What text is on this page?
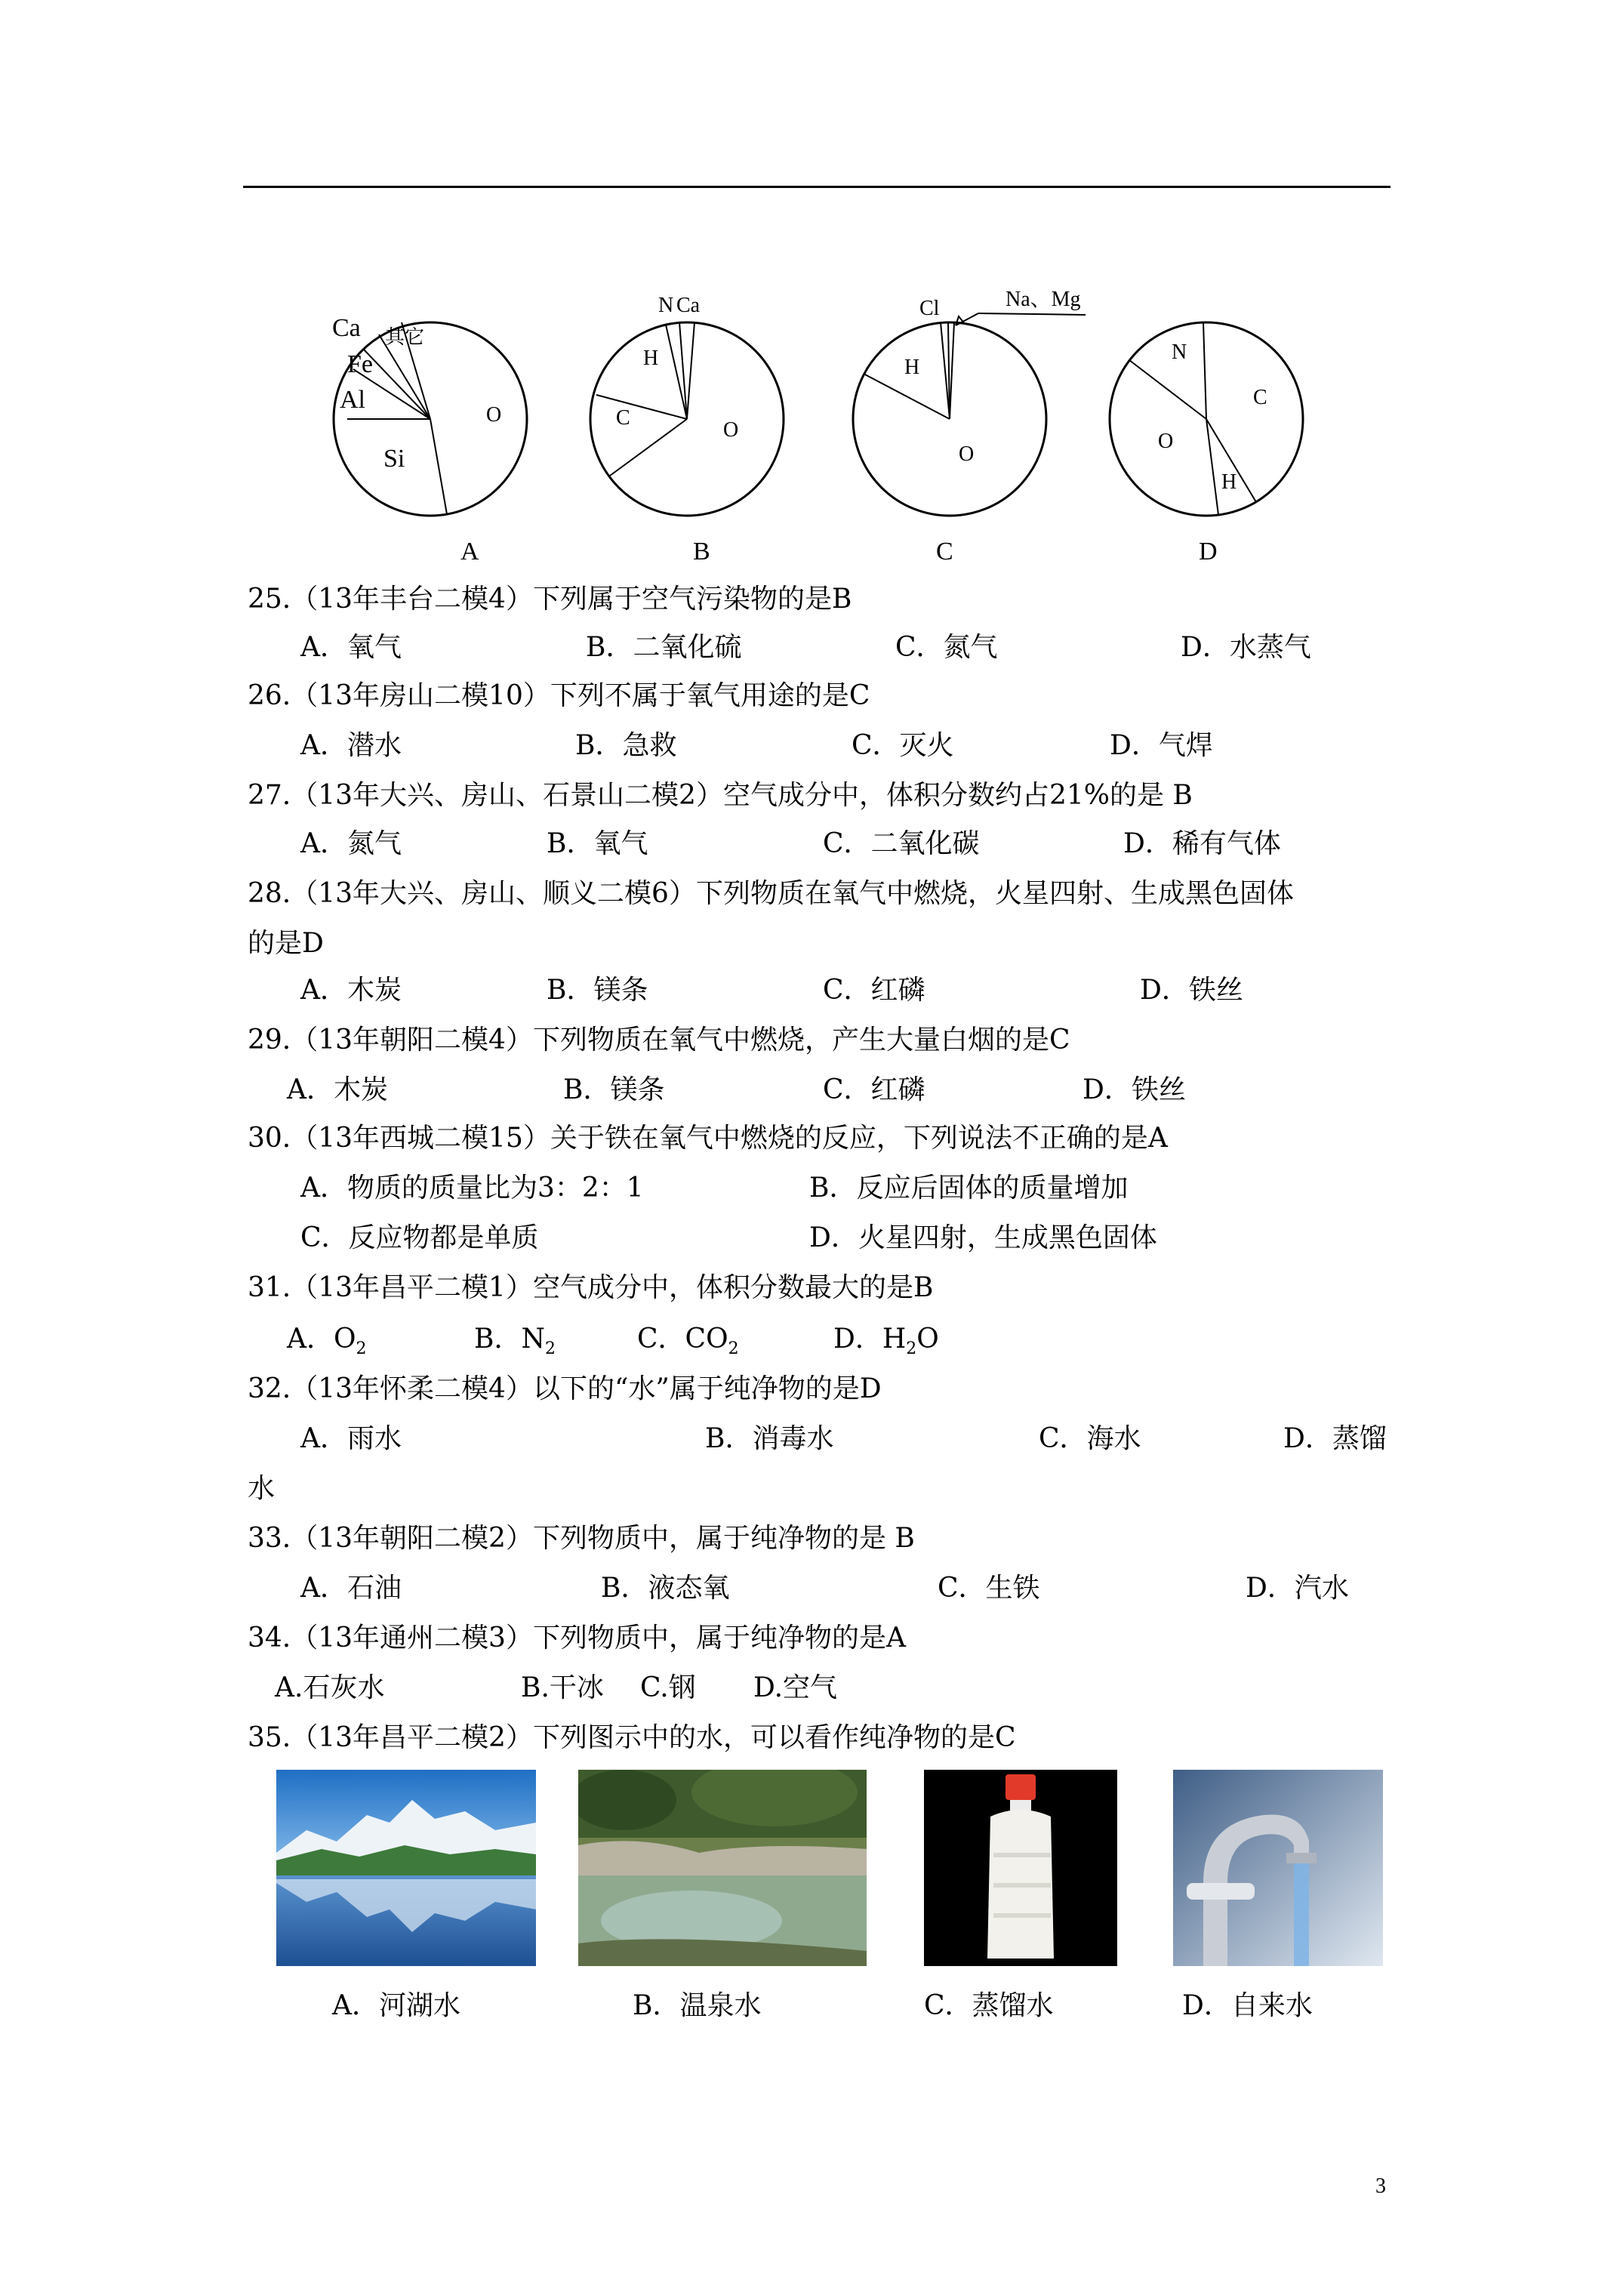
Ca
Fe
Al
其它
O
Si
N Ca
H
C
O
Cl	Na、Mg
H
O
N
C
O
H
A	B	C	D
25.（13年丰台二模4）下列属于空气污染物的是B
A．氧气	B．二氧化硫	C．氮气	D．水蒸气
26.（13年房山二模10）下列不属于氧气用途的是C
A．潜水	B．急救	C．灭火	D．气焊
27.（13年大兴、房山、石景山二模2）空气成分中，体积分数约占21%的是 B
A．氮气	B．氧气	C．二氧化碳	D．稀有气体
28.（13年大兴、房山、顺义二模6）下列物质在氧气中燃烧，火星四射、生成黑色固体
的是D
A．木炭	B．镁条	C．红磷	D．铁丝
29.（13年朝阳二模4）下列物质在氧气中燃烧，产生大量白烟的是C
A．木炭	B．镁条	C．红磷	D．铁丝
30.（13年西城二模15）关于铁在氧气中燃烧的反应，下列说法不正确的是A
A．物质的质量比为3：2：1	B．反应后固体的质量增加
C．反应物都是单质	D．火星四射，生成黑色固体
31.（13年昌平二模1）空气成分中，体积分数最大的是B
A．$O_2$	B．$N_2$	C．$CO_2$	D．$H_2O$
32.（13年怀柔二模4）以下的“水”属于纯净物的是D
A．雨水	B．消毒水	C．海水	D．蒸馏
水
33.（13年朝阳二模2）下列物质中，属于纯净物的是 B
A．石油	B．液态氧	C．生铁	D．汽水
34.（13年通州二模3）下列物质中，属于纯净物的是A
A.石灰水	B.干冰 C.钢 D.空气
35.（13年昌平二模2）下列图示中的水，可以看作纯净物的是C
A．河湖水	B．温泉水	C．蒸馏水	D．自来水
3
